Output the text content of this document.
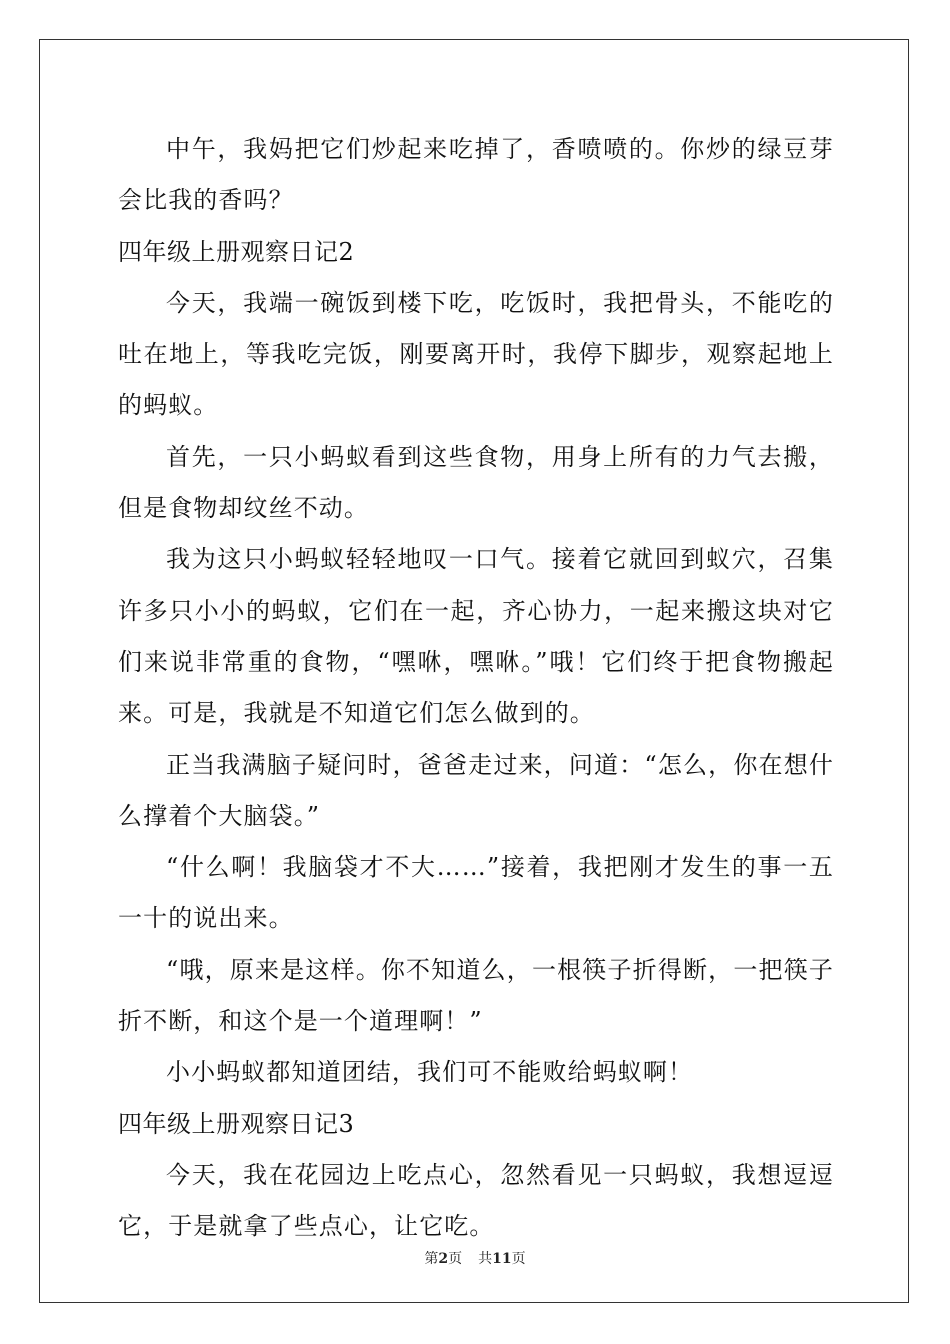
中午，我妈把它们炒起来吃掉了，香喷喷的。你炒的绿豆芽会比我的香吗？

四年级上册观察日记2

今天，我端一碗饭到楼下吃，吃饭时，我把骨头，不能吃的吐在地上，等我吃完饭，刚要离开时，我停下脚步，观察起地上的蚂蚁。

首先，一只小蚂蚁看到这些食物，用身上所有的力气去搬，但是食物却纹丝不动。

我为这只小蚂蚁轻轻地叹一口气。接着它就回到蚁穴，召集许多只小小的蚂蚁，它们在一起，齐心协力，一起来搬这块对它们来说非常重的食物，“嘿咻，嘿咻。”哦！它们终于把食物搬起来。可是，我就是不知道它们怎么做到的。

正当我满脑子疑问时，爸爸走过来，问道：“怎么，你在想什么撑着个大脑袋。”

“什么啊！我脑袋才不大……”接着，我把刚才发生的事一五一十的说出来。

“哦，原来是这样。你不知道么，一根筷子折得断，一把筷子折不断，和这个是一个道理啊！”

小小蚂蚁都知道团结，我们可不能败给蚂蚁啊！

四年级上册观察日记3

今天，我在花园边上吃点心，忽然看见一只蚂蚁，我想逗逗它，于是就拿了些点心，让它吃。

第2页 共11页
